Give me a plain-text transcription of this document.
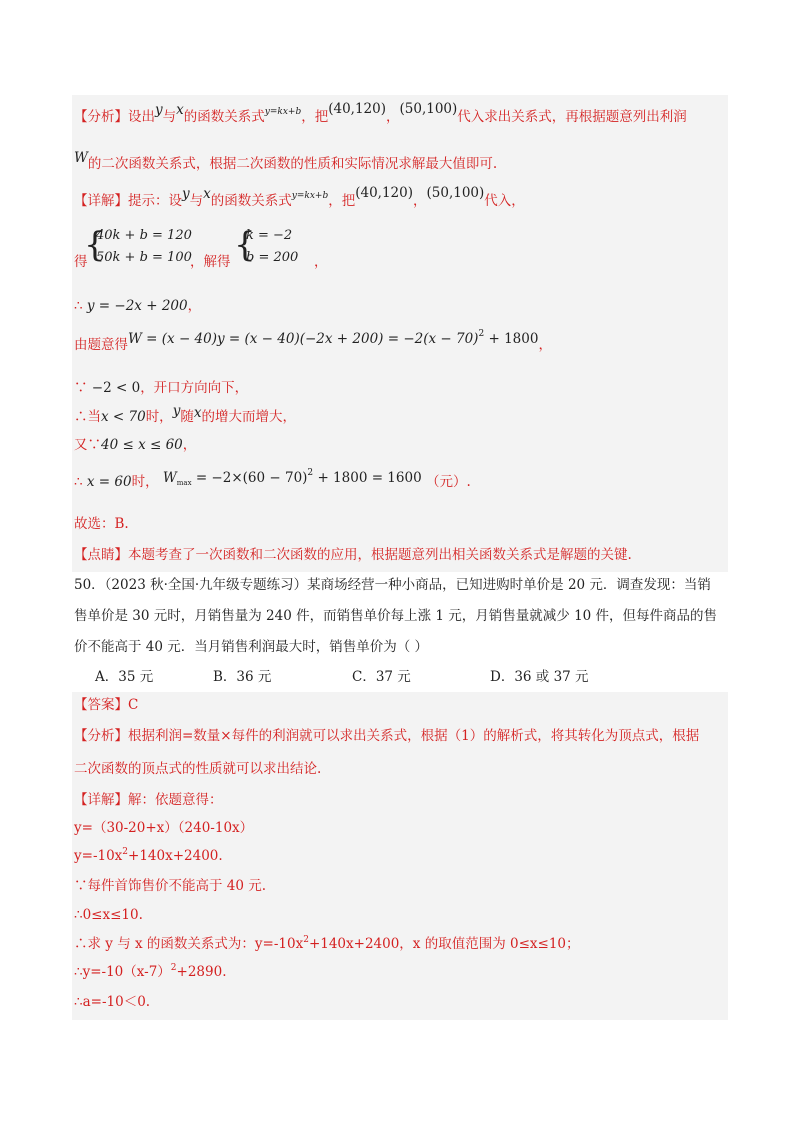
【分析】设出y与x的函数关系式$^{y=kx+b}$，把(40,120)，(50,100)代入求出关系式，再根据题意列出利润
W的二次函数关系式，根据二次函数的性质和实际情况求解最大值即可.
【详解】提示：设y与x的函数关系式$^{y=kx+b}$，把(40,120)，(50,100)代入，
{
40k + b = 120
50k + b = 100
得	，解得 {
k = −2
b = 200 ，
∴ y = −2x + 200，
由题意得$W = (x - 40)y = (x - 40)(-2x + 200) = -2(x - 70)^2 + 1800$，
∵ −2 < 0，开口方向向下，
∴当x < 70时，y随x的增大而增大，
又∵40 ≤ x ≤ 60，
∴ x = 60时， $Wmax = -2\times(60 - 70)^2 + 1800 = 1600$ （元）.
故选：B.
【点睛】本题考查了一次函数和二次函数的应用，根据题意列出相关函数关系式是解题的关键.
50．（2023 秋·全国·九年级专题练习）某商场经营一种小商品，已知进购时单价是 20 元．调查发现：当销
售单价是 30 元时，月销售量为 240 件，而销售单价每上涨 1 元，月销售量就减少 10 件，但每件商品的售
价不能高于 40 元．当月销售利润最大时，销售单价为（ ）
A．35 元	B．36 元	C．37 元	D．36 或 37 元
【答案】C
【分析】根据利润=数量×每件的利润就可以求出关系式，根据（1）的解析式，将其转化为顶点式，根据
二次函数的顶点式的性质就可以求出结论.
【详解】解：依题意得：
y=（30-20+x）（240-10x）
$y=-10x^2+140x+2400$.
∵每件首饰售价不能高于 40 元.
∴0≤x≤10.
∴求 y 与 x 的函数关系式为：$y=-10x^2+140x+2400$，x 的取值范围为 0≤x≤10；
$\therefore y=-10(x-7)^2+2890$.
∴a=-10＜0.
